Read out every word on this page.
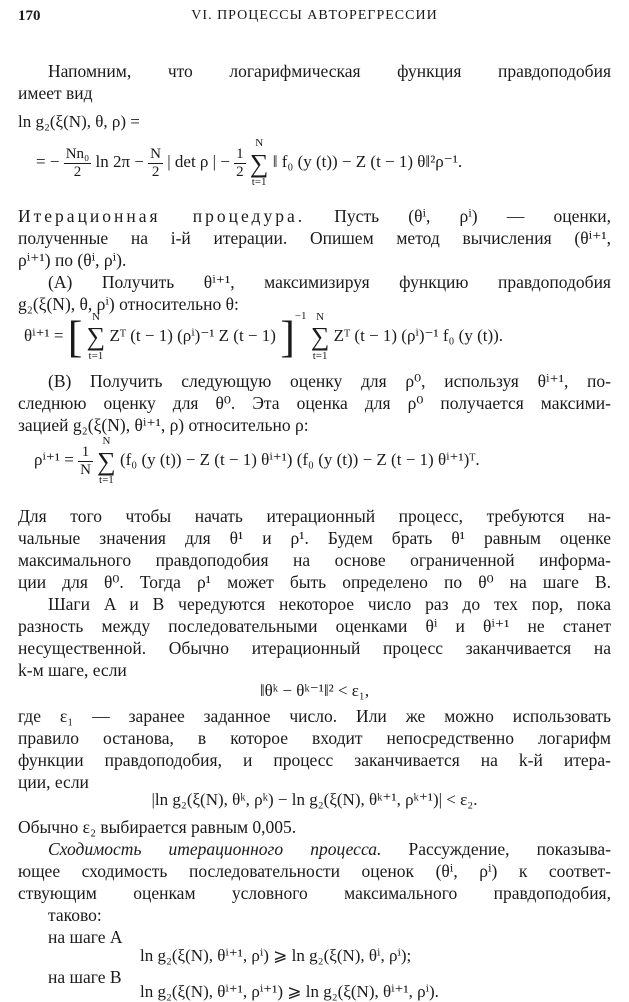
170	VI. ПРОЦЕССЫ АВТОРЕГРЕССИИ
Напомним, что логарифмическая функция правдоподобия
имеет вид
ln g₂(ξ(N), θ, ρ) =
= − $\frac{\text{Nn₀}}{2}$ $\ln 2\pi - \frac{N}{2}$ | det ρ | − $\frac{1}{2}$

N
∑
t=1
‖ f₀ (y (t)) − Z (t − 1) θ‖²ρ⁻¹.
Итерационная процедура. Пусть (θⁱ, ρⁱ) — оценки,
полученные на i-й итерации. Опишем метод вычисления (θⁱ⁺¹,
ρⁱ⁺¹) по (θⁱ, ρⁱ).
(A) Получить θⁱ⁺¹, максимизируя функцию правдоподобия
g₂(ξ(N), θ, ρⁱ) относительно θ:
θⁱ⁺¹ = [ N
∑
t=1
Zᵀ (t − 1) (ρⁱ)⁻¹ Z (t − 1) ]$^{-1}$ N
∑
t=1
Zᵀ (t − 1) (ρⁱ)⁻¹ f₀ (y (t)).
(B) Получить следующую оценку для ρ⁰, используя θⁱ⁺¹, по-
следнюю оценку для θ⁰. Эта оценка для ρ⁰ получается максими-
зацией g₂(ξ(N), θⁱ⁺¹, ρ) относительно ρ:
$\rho^{i+1} = \frac{1}{N}$

N
∑
t=1
(f₀ (y (t)) − Z (t − 1) θⁱ⁺¹) (f₀ (y (t)) − Z (t − 1) θⁱ⁺¹)ᵀ.
Для того чтобы начать итерационный процесс, требуются на-
чальные значения для θ¹ и ρ¹. Будем брать θ¹ равным оценке
максимального правдоподобия на основе ограниченной информа-
ции для θ⁰. Тогда ρ¹ может быть определено по θ⁰ на шаге B.
Шаги A и B чередуются некоторое число раз до тех пор, пока
разность между последовательными оценками θⁱ и θⁱ⁺¹ не станет
несущественной. Обычно итерационный процесс заканчивается на
k-м шаге, если
‖θᵏ − θᵏ⁻¹‖² < ε₁,
где ε₁ — заранее заданное число. Или же можно использовать
правило останова, в которое входит непосредственно логарифм
функции правдоподобия, и процесс заканчивается на k-й итера-
ции, если
|ln g₂(ξ(N), θᵏ, ρᵏ) − ln g₂(ξ(N), θᵏ⁺¹, ρᵏ⁺¹)| < ε₂.
Обычно ε₂ выбирается равным 0,005.
Сходимость итерационного процесса. Рассуждение, показыва-
ющее сходимость последовательности оценок (θⁱ, ρⁱ) к соответ-
ствующим оценкам условного максимального правдоподобия,
таково:
на шаге A
ln g₂(ξ(N), θⁱ⁺¹, ρⁱ) ⩾ ln g₂(ξ(N), θⁱ, ρⁱ);
на шаге B
ln g₂(ξ(N), θⁱ⁺¹, ρⁱ⁺¹) ⩾ ln g₂(ξ(N), θⁱ⁺¹, ρⁱ).
